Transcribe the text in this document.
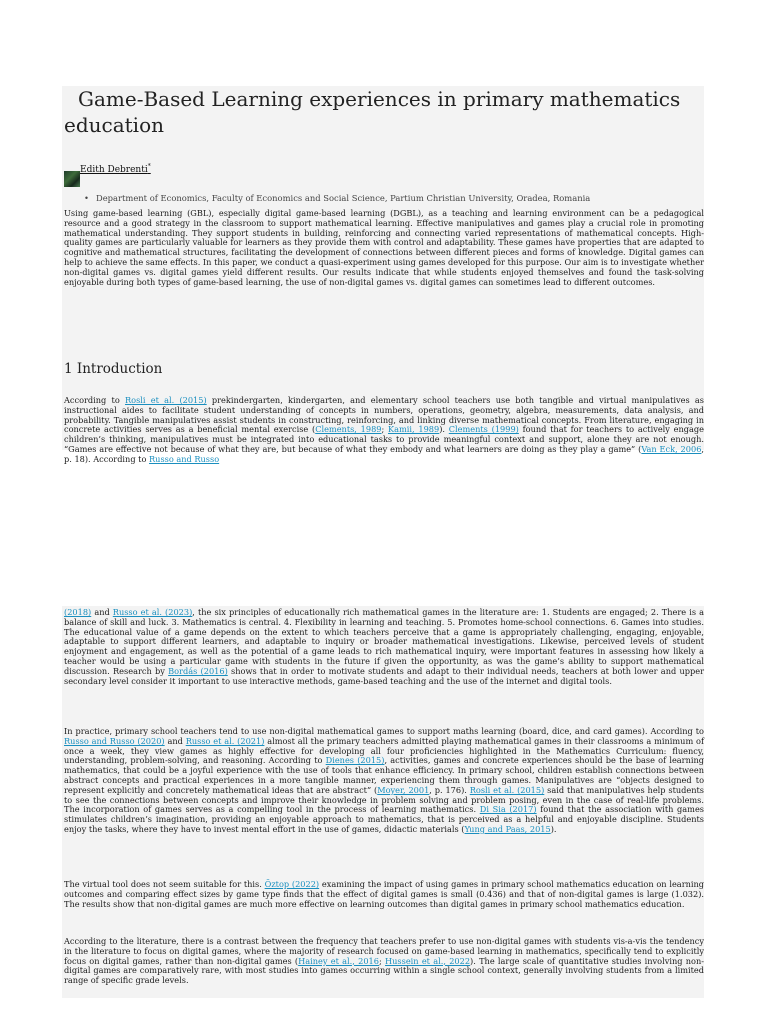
Game-Based Learning experiences in primary mathematics education
Edith Debrenti*
• Department of Economics, Faculty of Economics and Social Science, Partium Christian University, Oradea, Romania

Using game-based learning (GBL), especially digital game-based learning (DGBL), as a teaching and learning environment can be a pedagogical resource and a good strategy in the classroom to support mathematical learning. Effective manipulatives and games play a crucial role in promoting mathematical understanding. They support students in building, reinforcing and connecting varied representations of mathematical concepts. High-quality games are particularly valuable for learners as they provide them with control and adaptability. These games have properties that are adapted to cognitive and mathematical structures, facilitating the development of connections between different pieces and forms of knowledge. Digital games can help to achieve the same effects. In this paper, we conduct a quasi-experiment using games developed for this purpose. Our aim is to investigate whether non-digital games vs. digital games yield different results. Our results indicate that while students enjoyed themselves and found the task-solving enjoyable during both types of game-based learning, the use of non-digital games vs. digital games can sometimes lead to different outcomes.

1 Introduction

According to Rosli et al. (2015) prekindergarten, kindergarten, and elementary school teachers use both tangible and virtual manipulatives as instructional aides to facilitate student understanding of concepts in numbers, operations, geometry, algebra, measurements, data analysis, and probability. Tangible manipulatives assist students in constructing, reinforcing, and linking diverse mathematical concepts. From literature, engaging in concrete activities serves as a beneficial mental exercise (Clements, 1989; Kamii, 1989). Clements (1999) found that for teachers to actively engage children’s thinking, manipulatives must be integrated into educational tasks to provide meaningful context and support, alone they are not enough. “Games are effective not because of what they are, but because of what they embody and what learners are doing as they play a game” (Van Eck, 2006, p. 18). According to Russo and Russo

(2018) and Russo et al. (2023), the six principles of educationally rich mathematical games in the literature are: 1. Students are engaged; 2. There is a balance of skill and luck. 3. Mathematics is central. 4. Flexibility in learning and teaching. 5. Promotes home-school connections. 6. Games into studies. The educational value of a game depends on the extent to which teachers perceive that a game is appropriately challenging, engaging, enjoyable, adaptable to support different learners, and adaptable to inquiry or broader mathematical investigations. Likewise, perceived levels of student enjoyment and engagement, as well as the potential of a game leads to rich mathematical inquiry, were important features in assessing how likely a teacher would be using a particular game with students in the future if given the opportunity, as was the game’s ability to support mathematical discussion. Research by Bordás (2016) shows that in order to motivate students and adapt to their individual needs, teachers at both lower and upper secondary level consider it important to use interactive methods, game-based teaching and the use of the internet and digital tools.

In practice, primary school teachers tend to use non-digital mathematical games to support maths learning (board, dice, and card games). According to Russo and Russo (2020) and Russo et al. (2021) almost all the primary teachers admitted playing mathematical games in their classrooms a minimum of once a week, they view games as highly effective for developing all four proficiencies highlighted in the Mathematics Curriculum: fluency, understanding, problem-solving, and reasoning. According to Dienes (2015), activities, games and concrete experiences should be the base of learning mathematics, that could be a joyful experience with the use of tools that enhance efficiency. In primary school, children establish connections between abstract concepts and practical experiences in a more tangible manner, experiencing them through games. Manipulatives are “objects designed to represent explicitly and concretely mathematical ideas that are abstract” (Moyer, 2001, p. 176). Rosli et al. (2015) said that manipulatives help students to see the connections between concepts and improve their knowledge in problem solving and problem posing, even in the case of real-life problems. The incorporation of games serves as a compelling tool in the process of learning mathematics. Di Sia (2017) found that the association with games stimulates children’s imagination, providing an enjoyable approach to mathematics, that is perceived as a helpful and enjoyable discipline. Students enjoy the tasks, where they have to invest mental effort in the use of games, didactic materials (Yung and Paas, 2015).

The virtual tool does not seem suitable for this. Öztop (2022) examining the impact of using games in primary school mathematics education on learning outcomes and comparing effect sizes by game type finds that the effect of digital games is small (0.436) and that of non-digital games is large (1.032). The results show that non-digital games are much more effective on learning outcomes than digital games in primary school mathematics education.

According to the literature, there is a contrast between the frequency that teachers prefer to use non-digital games with students vis-a-vis the tendency in the literature to focus on digital games, where the majority of research focused on game-based learning in mathematics, specifically tend to explicitly focus on digital games, rather than non-digital games (Hainey et al., 2016; Hussein et al., 2022). The large scale of quantitative studies involving non-digital games are comparatively rare, with most studies into games occurring within a single school context, generally involving students from a limited range of specific grade levels.
